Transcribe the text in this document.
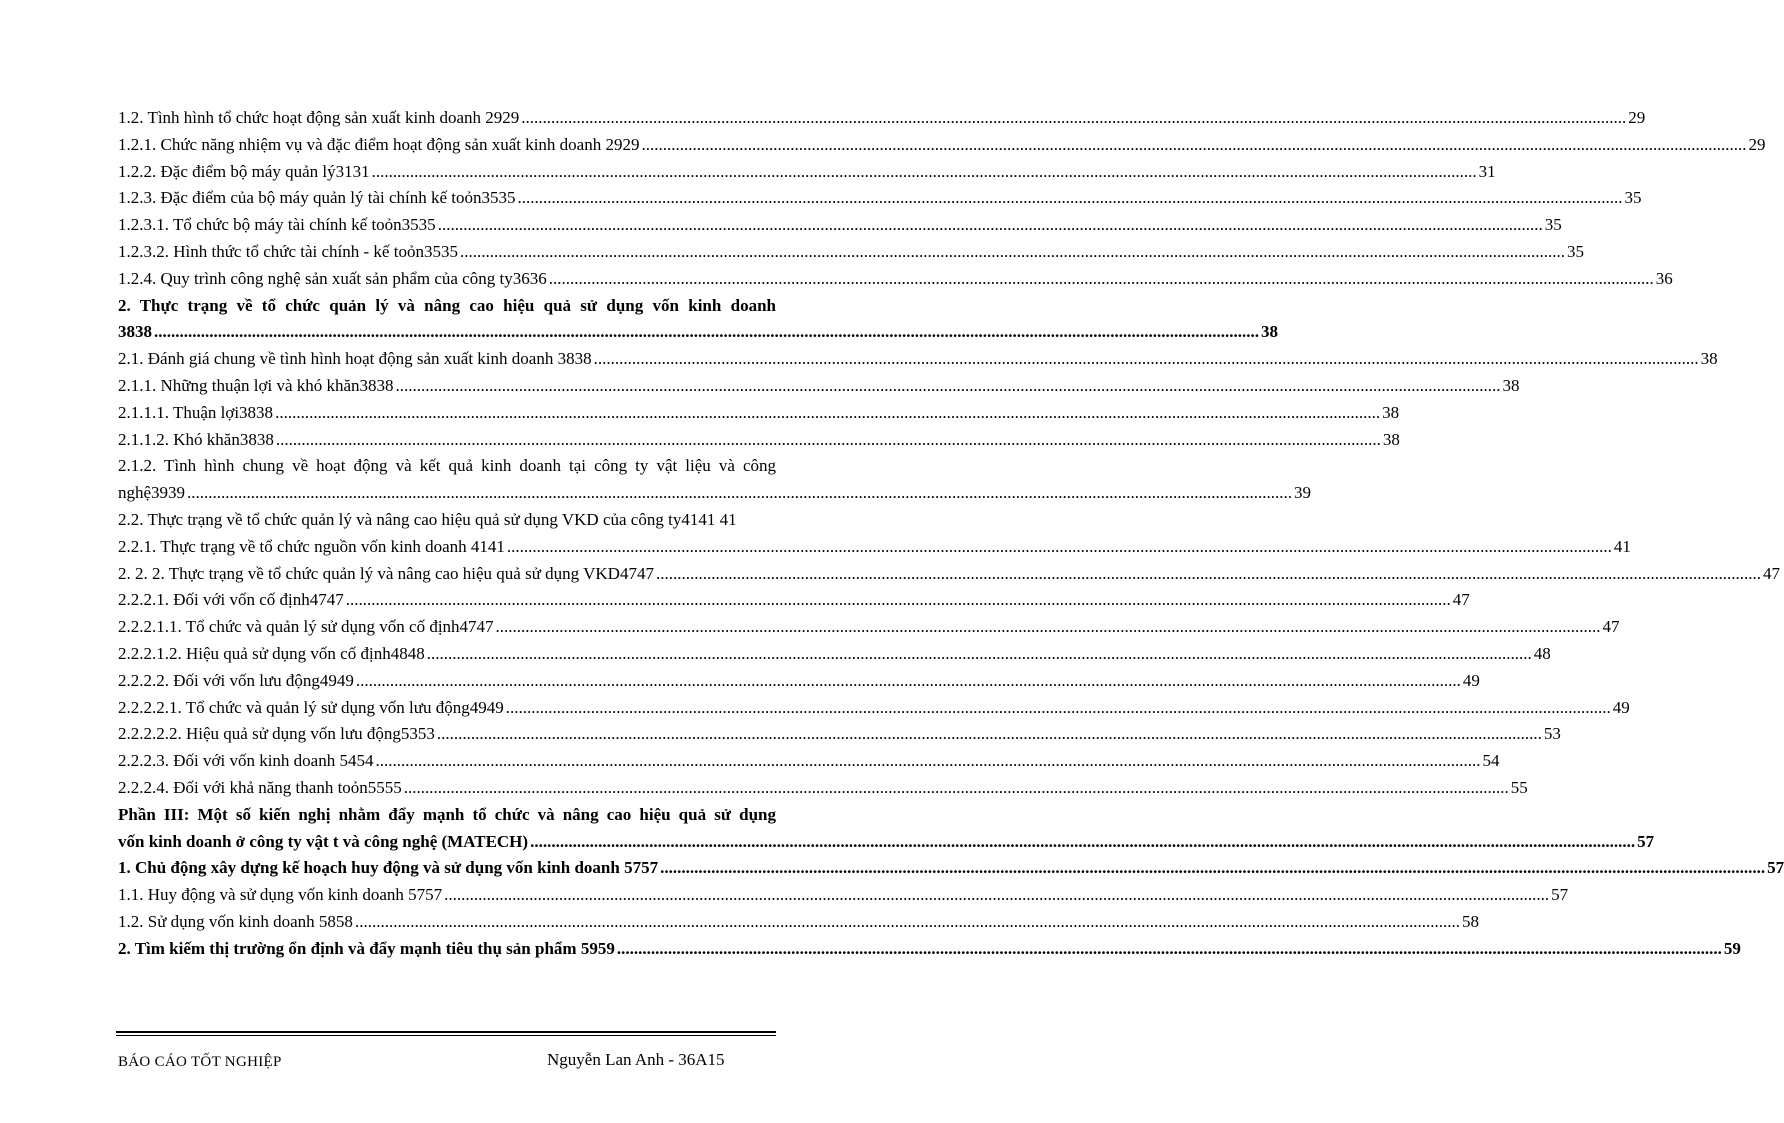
1.2. Tình hình tổ chức hoạt động sản xuất kinh doanh 2929 .....	29
1.2.1. Chức năng nhiệm vụ và đặc điểm hoạt động sản xuất kinh doanh 2929 .....	29
1.2.2. Đặc điểm bộ máy quản lý3131 .....	31
1.2.3. Đặc điểm của bộ máy quản lý tài chính kế toỏn3535 .....	35
1.2.3.1. Tổ chức bộ máy tài chính kế toỏn3535 .....	35
1.2.3.2. Hình thức tổ chức tài chính - kế toỏn3535 .....	35
1.2.4. Quy trình công nghệ sản xuất sản phẩm của công ty3636 .....	36
2. Thực trạng về tổ chức quản lý và nâng cao hiệu quả sử dụng vốn kinh doanh
3838 .....	38
2.1. Đánh giá chung về tình hình hoạt động sản xuất kinh doanh 3838 .....	38
2.1.1. Những thuận lợi và khó khăn3838 .....	38
2.1.1.1. Thuận lợi3838 .....	38
2.1.1.2. Khó khăn3838 .....	38
2.1.2. Tình hình chung về hoạt động và kết quả kinh doanh tại công ty vật liệu và công
nghệ3939 .....	39
2.2. Thực trạng về tổ chức quản lý và nâng cao hiệu quả sử dụng VKD của công ty4141 41
2.2.1. Thực trạng về tổ chức nguồn vốn kinh doanh 4141 .....	41
2. 2. 2. Thực trạng về tổ chức quản lý và nâng cao hiệu quả sử dụng VKD4747 .....	47
2.2.2.1. Đối với vốn cố định4747 .....	47
2.2.2.1.1. Tổ chức và quản lý sử dụng vốn cố định4747 .....	47
2.2.2.1.2. Hiệu quả sử dụng vốn cố định4848 .....	48
2.2.2.2. Đối với vốn lưu động4949 .....	49
2.2.2.2.1. Tổ chức và quản lý sử dụng vốn lưu động4949 .....	49
2.2.2.2.2. Hiệu quả sử dụng vốn lưu động5353 .....	53
2.2.2.3. Đối với vốn kinh doanh 5454 .....	54
2.2.2.4. Đối với khả năng thanh toỏn5555 .....	55
Phần III: Một số kiến nghị nhằm đẩy mạnh tổ chức và nâng cao hiệu quả sử dụng
vốn kinh doanh ở công ty vật t và công nghệ (MATECH) .....	57
1. Chủ động xây dựng kế hoạch huy động và sử dụng vốn kinh doanh 5757 .....	57
1.1. Huy động và sử dụng vốn kinh doanh 5757 .....	57
1.2. Sử dụng vốn kinh doanh 5858 .....	58
2. Tìm kiếm thị trường ổn định và đẩy mạnh tiêu thụ sản phẩm 5959 .....	59
BÁO CÁO TỐT NGHIỆP	Nguyễn Lan Anh - 36A15
